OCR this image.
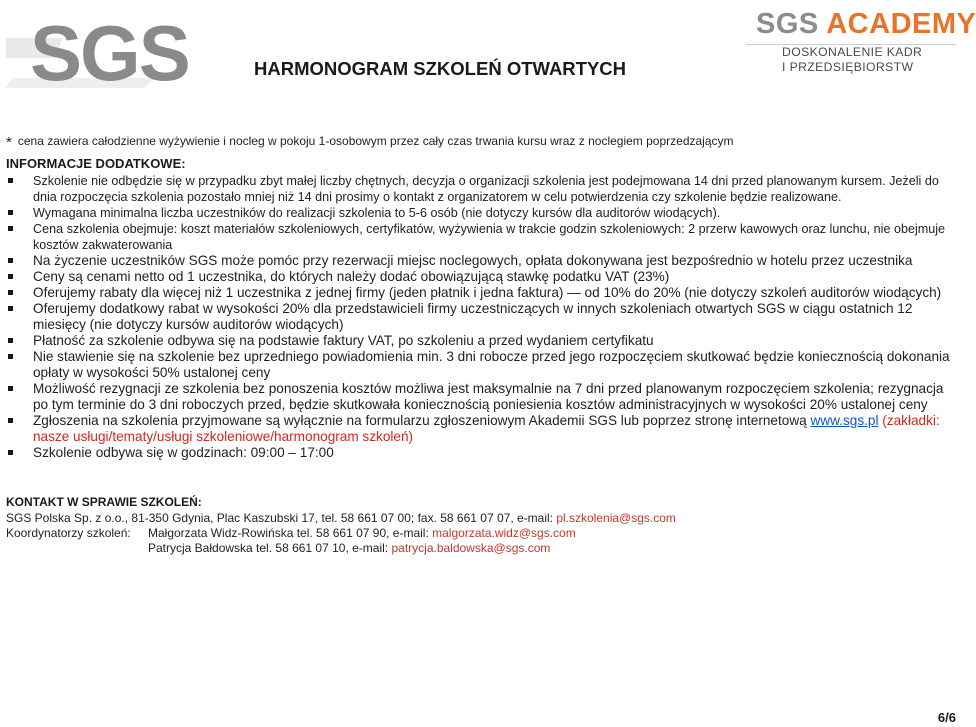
SGS	HARMONOGRAM SZKOLEŃ OTWARTYCH
SGS ACADEMY
DOSKONALENIE KADR
I PRZEDSIĘBIORSTW
* cena zawiera całodzienne wyżywienie i nocleg w pokoju 1-osobowym przez cały czas trwania kursu wraz z noclegiem poprzedzającym
INFORMACJE DODATKOWE:
Szkolenie nie odbędzie się w przypadku zbyt małej liczby chętnych, decyzja o organizacji szkolenia jest podejmowana 14 dni przed planowanym kursem. Jeżeli do dnia rozpoczęcia szkolenia pozostało mniej niż 14 dni prosimy o kontakt z organizatorem w celu potwierdzenia czy szkolenie będzie realizowane.
Wymagana minimalna liczba uczestników do realizacji szkolenia to 5-6 osób (nie dotyczy kursów dla auditorów wiodących).
Cena szkolenia obejmuje: koszt materiałów szkoleniowych, certyfikatów, wyżywienia w trakcie godzin szkoleniowych: 2 przerw kawowych oraz lunchu, nie obejmuje kosztów zakwaterowania
Na życzenie uczestników SGS może pomóc przy rezerwacji miejsc noclegowych, opłata dokonywana jest bezpośrednio w hotelu przez uczestnika
Ceny są cenami netto od 1 uczestnika, do których należy dodać obowiązującą stawkę podatku VAT (23%)
Oferujemy rabaty dla więcej niż 1 uczestnika z jednej firmy (jeden płatnik i jedna faktura) — od 10% do 20% (nie dotyczy szkoleń auditorów wiodących)
Oferujemy dodatkowy rabat w wysokości 20% dla przedstawicieli firmy uczestniczących w innych szkoleniach otwartych SGS w ciągu ostatnich 12 miesięcy (nie dotyczy kursów auditorów wiodących)
Płatność za szkolenie odbywa się na podstawie faktury VAT, po szkoleniu a przed wydaniem certyfikatu
Nie stawienie się na szkolenie bez uprzedniego powiadomienia min. 3 dni robocze przed jego rozpoczęciem skutkować będzie koniecznością dokonania opłaty w wysokości 50% ustalonej ceny
Możliwość rezygnacji ze szkolenia bez ponoszenia kosztów możliwa jest maksymalnie na 7 dni przed planowanym rozpoczęciem szkolenia; rezygnacja po tym terminie do 3 dni roboczych przed, będzie skutkowała koniecznością poniesienia kosztów administracyjnych w wysokości 20% ustalonej ceny
Zgłoszenia na szkolenia przyjmowane są wyłącznie na formularzu zgłoszeniowym Akademii SGS lub poprzez stronę internetową www.sgs.pl (zakładki: nasze usługi/tematy/usługi szkoleniowe/harmonogram szkoleń)
Szkolenie odbywa się w godzinach: 09:00 – 17:00
KONTAKT W SPRAWIE SZKOLEŃ:
SGS Polska Sp. z o.o., 81-350 Gdynia, Plac Kaszubski 17, tel. 58 661 07 00; fax. 58 661 07 07, e-mail: pl.szkolenia@sgs.com
Koordynatorzy szkoleń: Małgorzata Widz-Rowińska tel. 58 661 07 90, e-mail: malgorzata.widz@sgs.com
Patrycja Bałdowska tel. 58 661 07 10, e-mail: patrycja.baldowska@sgs.com
6/6
